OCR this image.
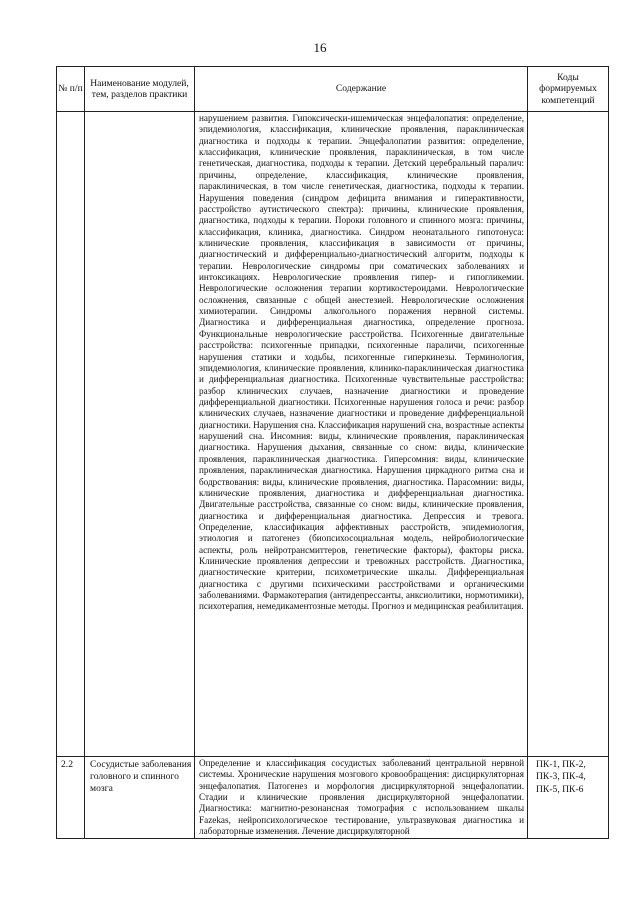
16
№ п/п	Наименование модулей, тем, разделов практики	Содержание	Коды формируемых компетенций
		нарушением развития. Гипоксически-ишемическая энцефалопатия: определение, эпидемиология, классификация, клинические проявления, параклиническая диагностика и подходы к терапии. Энцефалопатии развития: определение, классификация, клинические проявления, параклиническая, в том числе генетическая, диагностика, подходы к терапии. Детский церебральный паралич: причины, определение, классификация, клинические проявления, параклиническая, в том числе генетическая, диагностика, подходы к терапии. Нарушения поведения (синдром дефицита внимания и гиперактивности, расстройство аутистического спектра): причины, клинические проявления, диагностика, подходы к терапии. Пороки головного и спинного мозга: причины, классификация, клиника, диагностика. Синдром неонатального гипотонуса: клинические проявления, классификация в зависимости от причины, диагностический и дифференциально-диагностический алгоритм, подходы к терапии. Неврологические синдромы при соматических заболеваниях и интоксикациях. Неврологические проявления гипер- и гипогликемии. Неврологические осложнения терапии кортикостероидами. Неврологические осложнения, связанные с общей анестезией. Неврологические осложнения химиотерапии. Синдромы алкогольного поражения нервной системы. Диагностика и дифференциальная диагностика, определение прогноза. Функциональные неврологические расстройства. Психогенные двигательные расстройства: психогенные припадки, психогенные параличи, психогенные нарушения статики и ходьбы, психогенные гиперкинезы. Терминология, эпидемиология, клинические проявления, клинико-параклиническая диагностика и дифференциальная диагностика. Психогенные чувствительные расстройства: разбор клинических случаев, назначение диагностики и проведение дифференциальной диагностики. Психогенные нарушения голоса и речи: разбор клинических случаев, назначение диагностики и проведение дифференциальной диагностики. Нарушения сна. Классификация нарушений сна, возрастные аспекты нарушений сна. Инсомния: виды, клинические проявления, параклиническая диагностика. Нарушения дыхания, связанные со сном: виды, клинические проявления, параклиническая диагностика. Гиперсомния: виды, клинические проявления, параклиническая диагностика. Нарушения циркадного ритма сна и бодрствования: виды, клинические проявления, диагностика. Парасомнии: виды, клинические проявления, диагностика и дифференциальная диагностика. Двигательные расстройства, связанные со сном: виды, клинические проявления, диагностика и дифференциальная диагностика. Депрессия и тревога. Определение, классификация аффективных расстройств, эпидемиология, этиология и патогенез (биопсихосоциальная модель, нейробиологические аспекты, роль нейротрансмиттеров, генетические факторы), факторы риска. Клинические проявления депрессии и тревожных расстройств. Диагностика, диагностические критерии, психометрические шкалы. Дифференциальная диагностика с другими психическими расстройствами и органическими заболеваниями. Фармакотерапия (антидепрессанты, анксиолитики, нормотимики), психотерапия, немедикаментозные методы. Прогноз и медицинская реабилитация.	
2.2	Сосудистые заболевания головного и спинного мозга	Определение и классификация сосудистых заболеваний центральной нервной системы. Хронические нарушения мозгового кровообращения: дисциркуляторная энцефалопатия. Патогенез и морфология дисциркуляторной энцефалопатии. Стадии и клинические проявления дисциркуляторной энцефалопатии. Диагностика: магнитно-резонансная томография с использованием шкалы Fazekas, нейропсихологическое тестирование, ультразвуковая диагностика и лабораторные изменения. Лечение дисциркуляторной	ПК-1, ПК-2, ПК-3, ПК-4, ПК-5, ПК-6
